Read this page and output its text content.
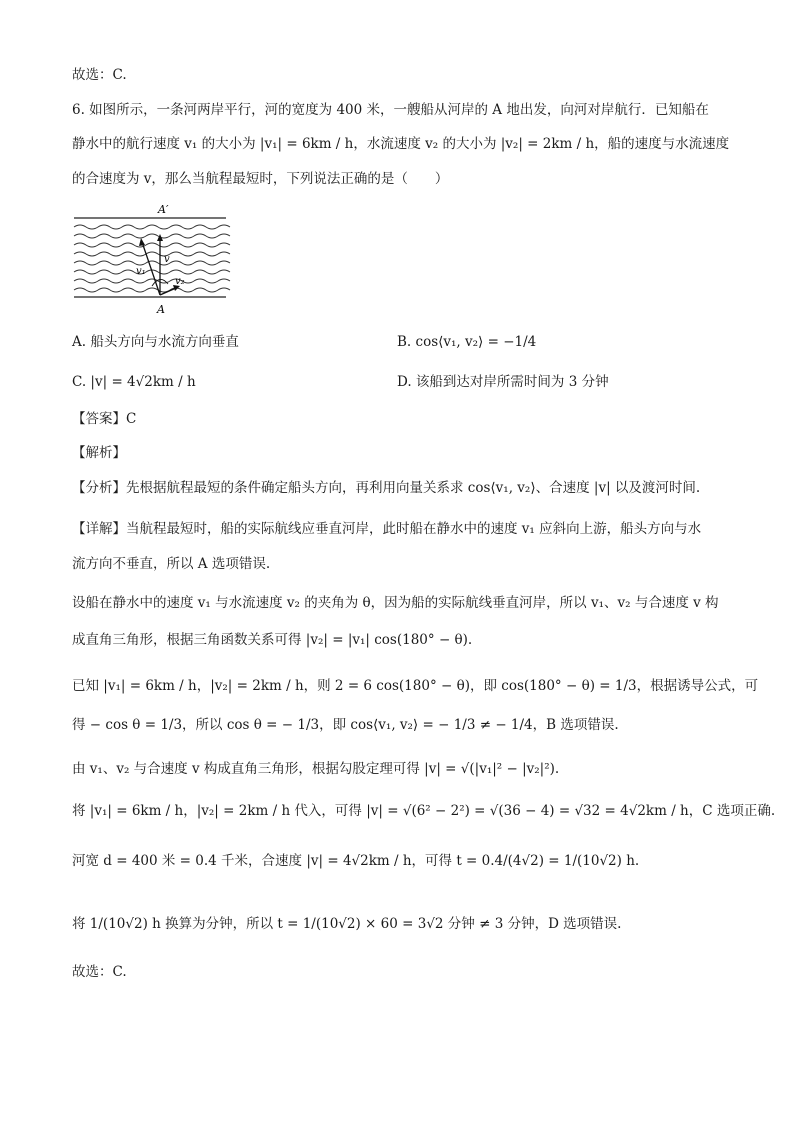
故选：C.
6. 如图所示，一条河两岸平行，河的宽度为 400 米，一艘船从河岸的 A 地出发，向河对岸航行．已知船在
静水中的航行速度 v₁ 的大小为 |v₁| = 6km / h，水流速度 v₂ 的大小为 |v₂| = 2km / h，船的速度与水流速度
的合速度为 v，那么当航程最短时，下列说法正确的是（　　）
A′
A
v
v₁
v₂
A. 船头方向与水流方向垂直	B. cos⟨v₁, v₂⟩ = −1/4
C. |v| = 4√2km / h	D. 该船到达对岸所需时间为 3 分钟
【答案】C
【解析】
【分析】先根据航程最短的条件确定船头方向，再利用向量关系求 cos⟨v₁, v₂⟩、合速度 |v| 以及渡河时间.
【详解】当航程最短时，船的实际航线应垂直河岸，此时船在静水中的速度 v₁ 应斜向上游，船头方向与水
流方向不垂直，所以 A 选项错误.
设船在静水中的速度 v₁ 与水流速度 v₂ 的夹角为 θ，因为船的实际航线垂直河岸，所以 v₁、v₂ 与合速度 v 构
成直角三角形，根据三角函数关系可得 |v₂| = |v₁| cos(180° − θ).
已知 |v₁| = 6km / h，|v₂| = 2km / h，则 2 = 6 cos(180° − θ)，即 cos(180° − θ) = 1/3，根据诱导公式，可
得 − cos θ = 1/3，所以 cos θ = − 1/3，即 cos⟨v₁, v₂⟩ = − 1/3 ≠ − 1/4，B 选项错误.
由 v₁、v₂ 与合速度 v 构成直角三角形，根据勾股定理可得 |v| = √(|v₁|² − |v₂|²).
将 |v₁| = 6km / h，|v₂| = 2km / h 代入，可得 |v| = √(6² − 2²) = √(36 − 4) = √32 = 4√2km / h，C 选项正确.
河宽 d = 400 米 = 0.4 千米，合速度 |v| = 4√2km / h，可得 t = 0.4/(4√2) = 1/(10√2) h.
将 1/(10√2) h 换算为分钟，所以 t = 1/(10√2) × 60 = 3√2 分钟 ≠ 3 分钟，D 选项错误.
故选：C.
